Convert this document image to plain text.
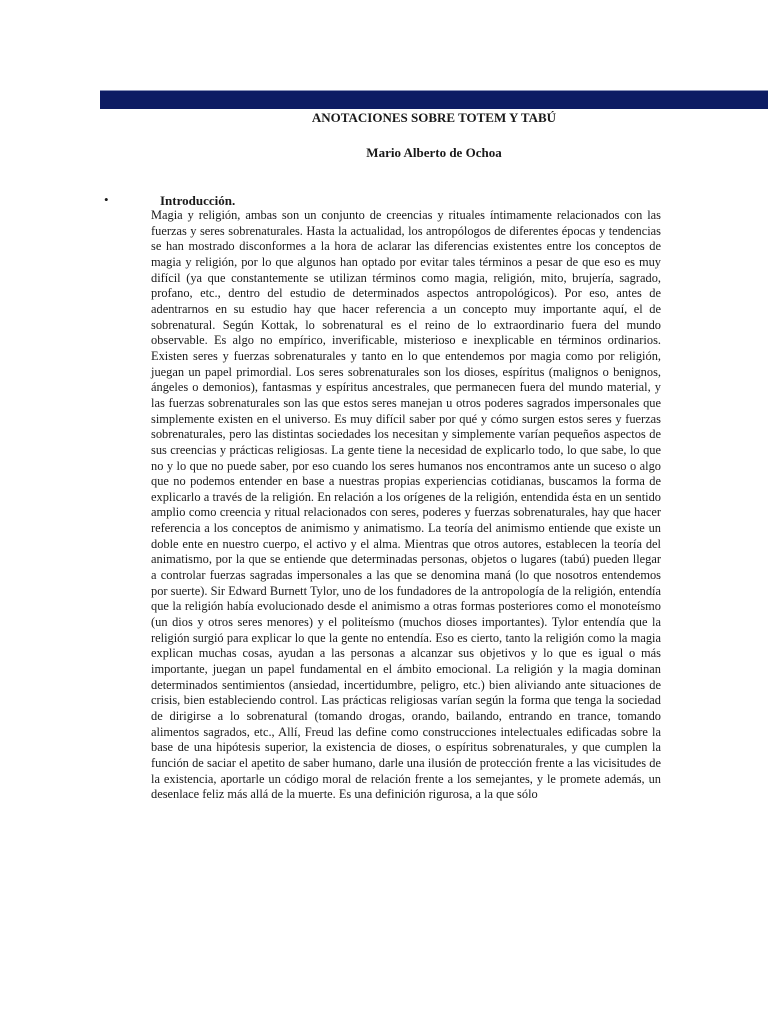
ANOTACIONES SOBRE TOTEM Y TABÚ
Mario Alberto de Ochoa
•	Introducción.

Magia y religión, ambas son un conjunto de creencias y rituales íntimamente relacionados con las fuerzas y seres sobrenaturales. Hasta la actualidad, los antropólogos de diferentes épocas y tendencias se han mostrado disconformes a la hora de aclarar las diferencias existentes entre los conceptos de magia y religión, por lo que algunos han optado por evitar tales términos a pesar de que eso es muy difícil (ya que constantemente se utilizan términos como magia, religión, mito, brujería, sagrado, profano, etc., dentro del estudio de determinados aspectos antropológicos). Por eso, antes de adentrarnos en su estudio hay que hacer referencia a un concepto muy importante aquí, el de sobrenatural. Según Kottak, lo sobrenatural es el reino de lo extraordinario fuera del mundo observable. Es algo no empírico, inverificable, misterioso e inexplicable en términos ordinarios. Existen seres y fuerzas sobrenaturales y tanto en lo que entendemos por magia como por religión, juegan un papel primordial. Los seres sobrenaturales son los dioses, espíritus (malignos o benignos, ángeles o demonios), fantasmas y espíritus ancestrales, que permanecen fuera del mundo material, y las fuerzas sobrenaturales son las que estos seres manejan u otros poderes sagrados impersonales que simplemente existen en el universo. Es muy difícil saber por qué y cómo surgen estos seres y fuerzas sobrenaturales, pero las distintas sociedades los necesitan y simplemente varían pequeños aspectos de sus creencias y prácticas religiosas. La gente tiene la necesidad de explicarlo todo, lo que sabe, lo que no y lo que no puede saber, por eso cuando los seres humanos nos encontramos ante un suceso o algo que no podemos entender en base a nuestras propias experiencias cotidianas, buscamos la forma de explicarlo a través de la religión. En relación a los orígenes de la religión, entendida ésta en un sentido amplio como creencia y ritual relacionados con seres, poderes y fuerzas sobrenaturales, hay que hacer referencia a los conceptos de animismo y animatismo. La teoría del animismo entiende que existe un doble ente en nuestro cuerpo, el activo y el alma. Mientras que otros autores, establecen la teoría del animatismo, por la que se entiende que determinadas personas, objetos o lugares (tabú) pueden llegar a controlar fuerzas sagradas impersonales a las que se denomina maná (lo que nosotros entendemos por suerte). Sir Edward Burnett Tylor, uno de los fundadores de la antropología de la religión, entendía que la religión había evolucionado desde el animismo a otras formas posteriores como el monoteísmo (un dios y otros seres menores) y el politeísmo (muchos dioses importantes). Tylor entendía que la religión surgió para explicar lo que la gente no entendía. Eso es cierto, tanto la religión como la magia explican muchas cosas, ayudan a las personas a alcanzar sus objetivos y lo que es igual o más importante, juegan un papel fundamental en el ámbito emocional. La religión y la magia dominan determinados sentimientos (ansiedad, incertidumbre, peligro, etc.) bien aliviando ante situaciones de crisis, bien estableciendo control. Las prácticas religiosas varían según la forma que tenga la sociedad de dirigirse a lo sobrenatural (tomando drogas, orando, bailando, entrando en trance, tomando alimentos sagrados, etc., Allí, Freud las define como construcciones intelectuales edificadas sobre la base de una hipótesis superior, la existencia de dioses, o espíritus sobrenaturales, y que cumplen la función de saciar el apetito de saber humano, darle una ilusión de protección frente a las vicisitudes de la existencia, aportarle un código moral de relación frente a los semejantes, y le promete además, un desenlace feliz más allá de la muerte. Es una definición rigurosa, a la que sólo
